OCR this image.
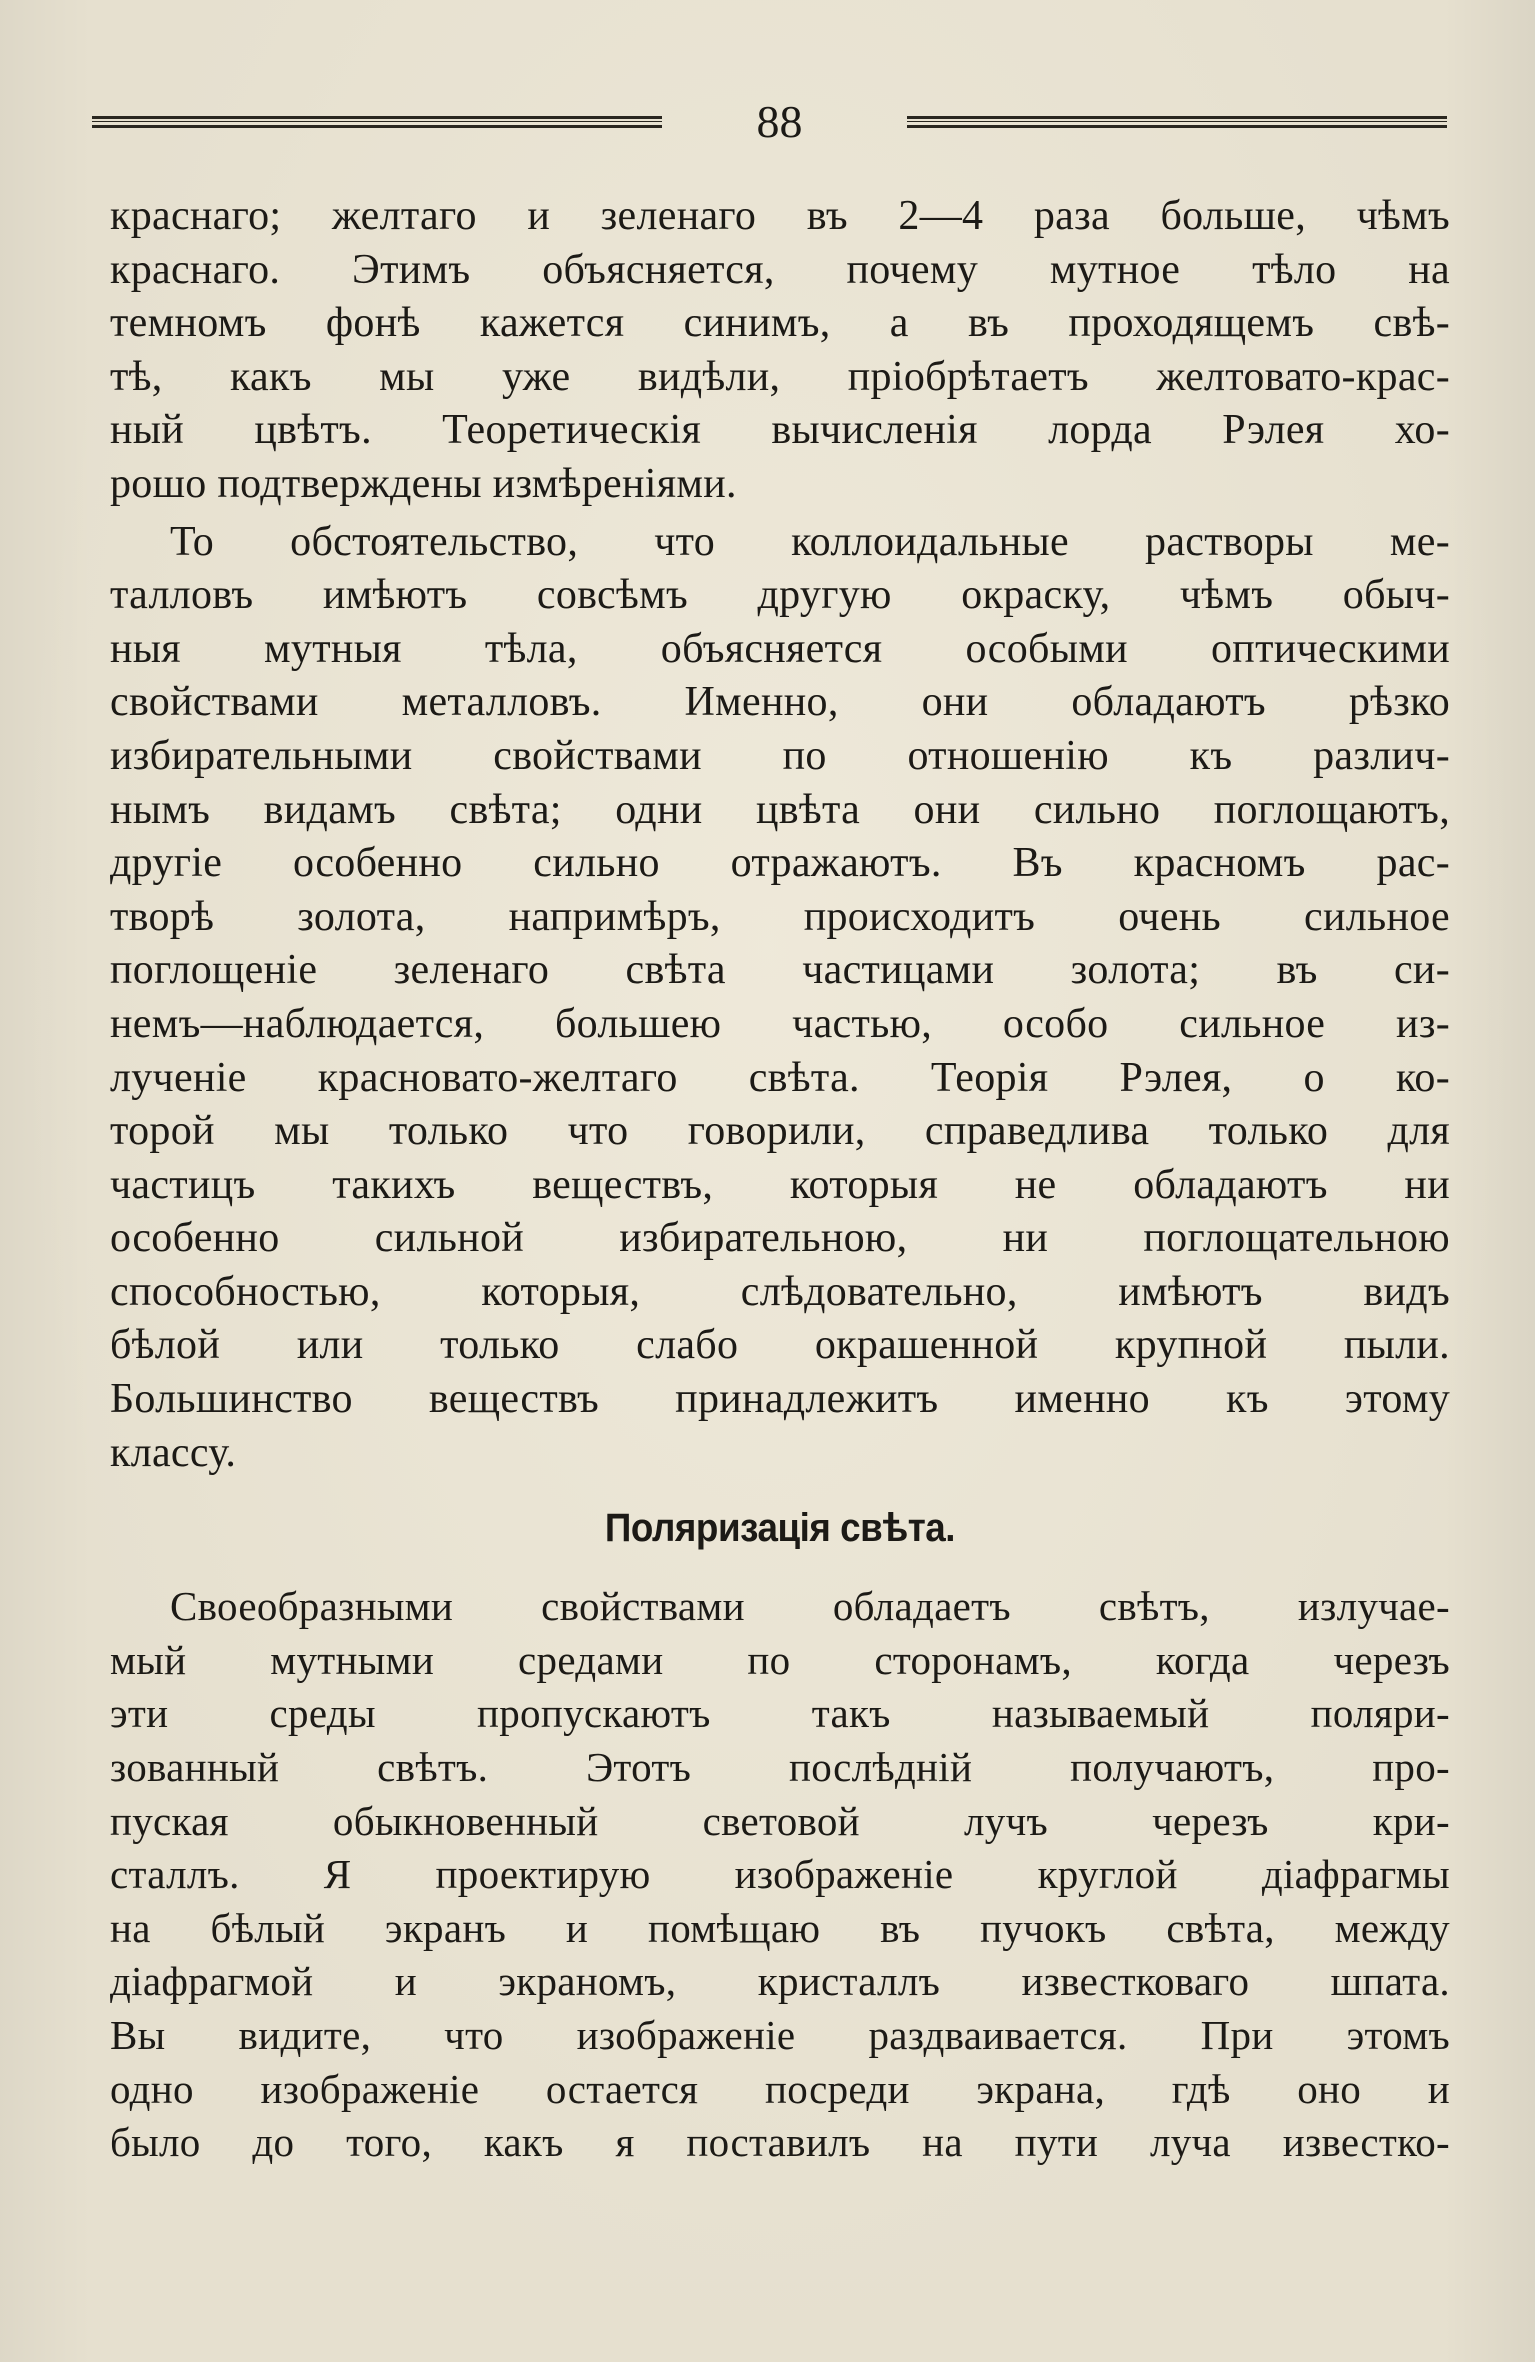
88
краснаго; желтаго и зеленаго въ 2—4 раза больше, чѣмъ
краснаго. Этимъ объясняется, почему мутное тѣло на
темномъ фонѣ кажется синимъ, а въ проходящемъ свѣ-
тѣ, какъ мы уже видѣли, пріобрѣтаетъ желтовато-крас-
ный цвѣтъ. Теоретическія вычисленія лорда Рэлея хо-
рошо подтверждены измѣреніями.
То обстоятельство, что коллоидальные растворы ме-
талловъ имѣютъ совсѣмъ другую окраску, чѣмъ обыч-
ныя мутныя тѣла, объясняется особыми оптическими
свойствами металловъ. Именно, они обладаютъ рѣзко
избирательными свойствами по отношенію къ различ-
нымъ видамъ свѣта; одни цвѣта они сильно поглощаютъ,
другіе особенно сильно отражаютъ. Въ красномъ рас-
творѣ золота, напримѣръ, происходитъ очень сильное
поглощеніе зеленаго свѣта частицами золота; въ си-
немъ—наблюдается, большею частью, особо сильное из-
лученіе красновато-желтаго свѣта. Теорія Рэлея, о ко-
торой мы только что говорили, справедлива только для
частицъ такихъ веществъ, которыя не обладаютъ ни
особенно сильной избирательною, ни поглощательною
способностью, которыя, слѣдовательно, имѣютъ видъ
бѣлой или только слабо окрашенной крупной пыли.
Большинство веществъ принадлежитъ именно къ этому
классу.
Поляризація свѣта.
Своеобразными свойствами обладаетъ свѣтъ, излучае-
мый мутными средами по сторонамъ, когда черезъ
эти среды пропускаютъ такъ называемый поляри-
зованный свѣтъ. Этотъ послѣдній получаютъ, про-
пуская обыкновенный световой лучъ черезъ кри-
сталлъ. Я проектирую изображеніе круглой діафрагмы
на бѣлый экранъ и помѣщаю въ пучокъ свѣта, между
діафрагмой и экраномъ, кристаллъ известковаго шпата.
Вы видите, что изображеніе раздваивается. При этомъ
одно изображеніе остается посреди экрана, гдѣ оно и
было до того, какъ я поставилъ на пути луча известко-
